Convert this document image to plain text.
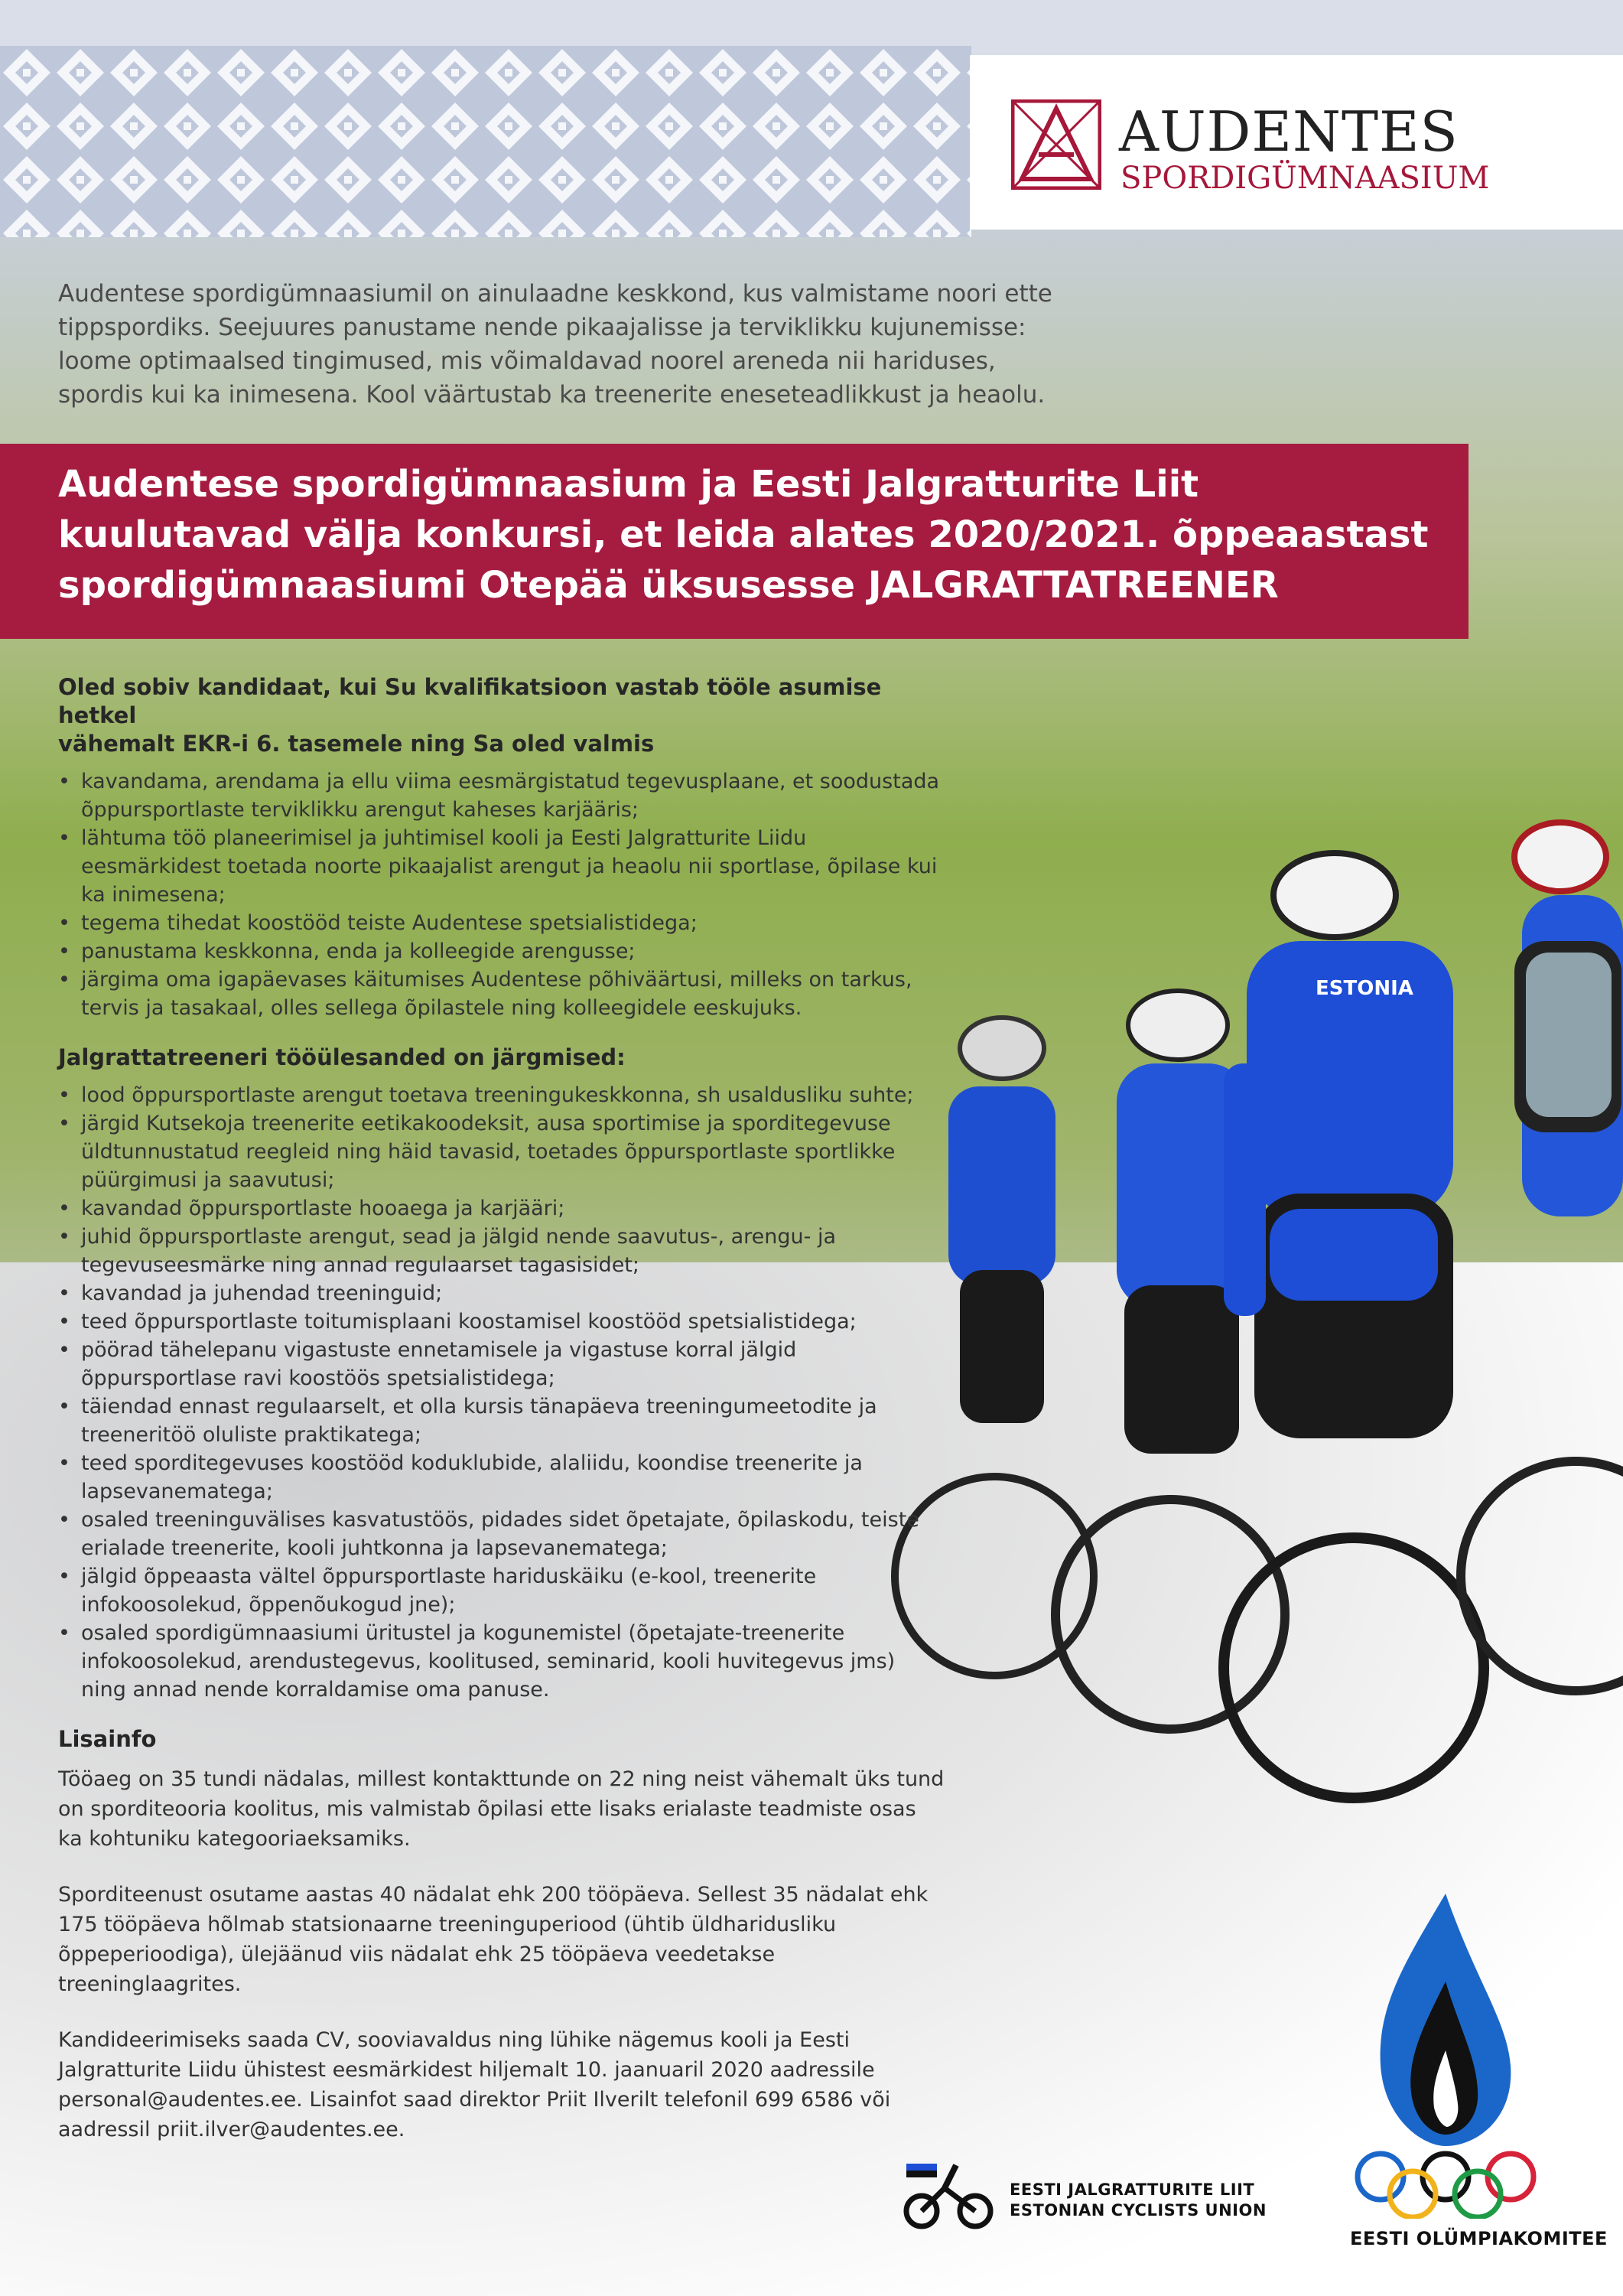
AUDENTES
SPORDIGÜMNAASIUM

Audentese spordigümnaasiumil on ainulaadne keskkond, kus valmistame noori ette

tippspordiks. Seejuures panustame nende pikaajalisse ja terviklikku kujunemisse:

loome optimaalsed tingimused, mis võimaldavad noorel areneda nii hariduses,

spordis kui ka inimesena. Kool väärtustab ka treenerite eneseteadlikkust ja heaolu.

Audentese spordigümnaasium ja Eesti Jalgratturite Liit
kuulutavad välja konkursi, et leida alates 2020/2021. õppeaastast
spordigümnaasiumi Otepää üksusesse JALGRATTATREENER
ESTONIA
Oled sobiv kandidaat, kui Su kvalifikatsioon vastab tööle asumise hetkel
vähemalt EKR-i 6. tasemele ning Sa oled valmis
• kavandama, arendama ja ellu viima eesmärgistatud tegevusplaane, et soodustada õppursportlaste terviklikku arengut kaheses karjääris;
• lähtuma töö planeerimisel ja juhtimisel kooli ja Eesti Jalgratturite Liidu eesmärkidest toetada noorte pikaajalist arengut ja heaolu nii sportlase, õpilase kui ka inimesena;
• tegema tihedat koostööd teiste Audentese spetsialistidega;
• panustama keskkonna, enda ja kolleegide arengusse;
• järgima oma igapäevases käitumises Audentese põhiväärtusi, milleks on tarkus, tervis ja tasakaal, olles sellega õpilastele ning kolleegidele eeskujuks.
Jalgrattatreeneri tööülesanded on järgmised:
• lood õppursportlaste arengut toetava treeningukeskkonna, sh usaldusliku suhte;
• järgid Kutsekoja treenerite eetikakoodeksit, ausa sportimise ja sporditegevuse üldtunnustatud reegleid ning häid tavasid, toetades õppursportlaste sportlikke püürgimusi ja saavutusi;
• kavandad õppursportlaste hooaega ja karjääri;
• juhid õppursportlaste arengut, sead ja jälgid nende saavutus-, arengu- ja tegevuseesmärke ning annad regulaarset tagasisidet;
• kavandad ja juhendad treeninguid;
• teed õppursportlaste toitumisplaani koostamisel koostööd spetsialistidega;
• pöörad tähelepanu vigastuste ennetamisele ja vigastuse korral jälgid õppursportlase ravi koostöös spetsialistidega;
• täiendad ennast regulaarselt, et olla kursis tänapäeva treeningumeetodite ja treeneritöö oluliste praktikatega;
• teed sporditegevuses koostööd koduklubide, alaliidu, koondise treenerite ja lapsevanematega;
• osaled treeninguvälises kasvatustöös, pidades sidet õpetajate, õpilaskodu, teiste erialade treenerite, kooli juhtkonna ja lapsevanematega;
• jälgid õppeaasta vältel õppursportlaste hariduskäiku (e-kool, treenerite infokoosolekud, õppenõukogud jne);
• osaled spordigümnaasiumi üritustel ja kogunemistel (õpetajate-treenerite infokoosolekud, arendustegevus, koolitused, seminarid, kooli huvitegevus jms) ning annad nende korraldamise oma panuse.
Lisainfo

Tööaeg on 35 tundi nädalas, millest kontakttunde on 22 ning neist vähemalt üks tund on sporditeooria koolitus, mis valmistab õpilasi ette lisaks erialaste teadmiste osas ka kohtuniku kategooriaeksamiks.

Sporditeenust osutame aastas 40 nädalat ehk 200 tööpäeva. Sellest 35 nädalat ehk 175 tööpäeva hõlmab statsionaarne treeninguperiood (ühtib üldharidusliku õppeperioodiga), ülejäänud viis nädalat ehk 25 tööpäeva veedetakse treeninglaagrites.

Kandideerimiseks saada CV, sooviavaldus ning lühike nägemus kooli ja Eesti Jalgratturite Liidu ühistest eesmärkidest hiljemalt 10. jaanuaril 2020 aadressile personal@audentes.ee. Lisainfot saad direktor Priit Ilverilt telefonil 699 6586 või aadressil priit.ilver@audentes.ee.

EESTI JALGRATTURITE LIIT
ESTONIAN CYCLISTS UNION
EESTI OLÜMPIAKOMITEE
